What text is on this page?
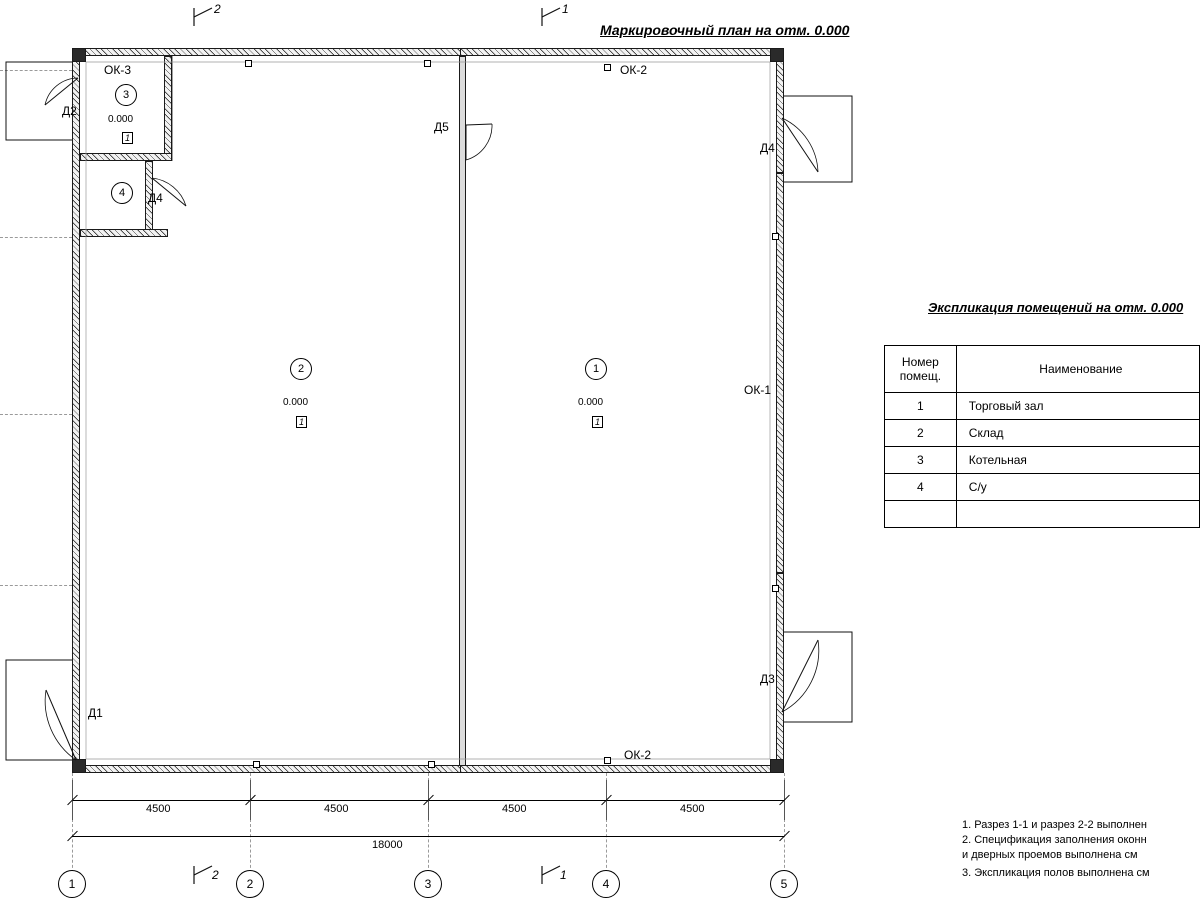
Маркировочный план на отм. 0.000
ОК-3	ОК-2
ОК-1
ОК-2
Д2
Д5
Д4
Д4
Д3
Д1
3
0.000
1
4
2
0.000
1
1
0.000
1
2	1
2	1
4500	4500	4500	4500
18000
1	2	3	4	5
Экспликация помещений на отм. 0.000
Номер
помещ.	Наименование
1	Торговый зал
2	Склад
3	Котельная
4	С/у

1. Разрез 1-1 и разрез 2-2 выполнен
2. Спецификация заполнения оконн
и дверных проемов выполнена см
3. Экспликация полов выполнена см
